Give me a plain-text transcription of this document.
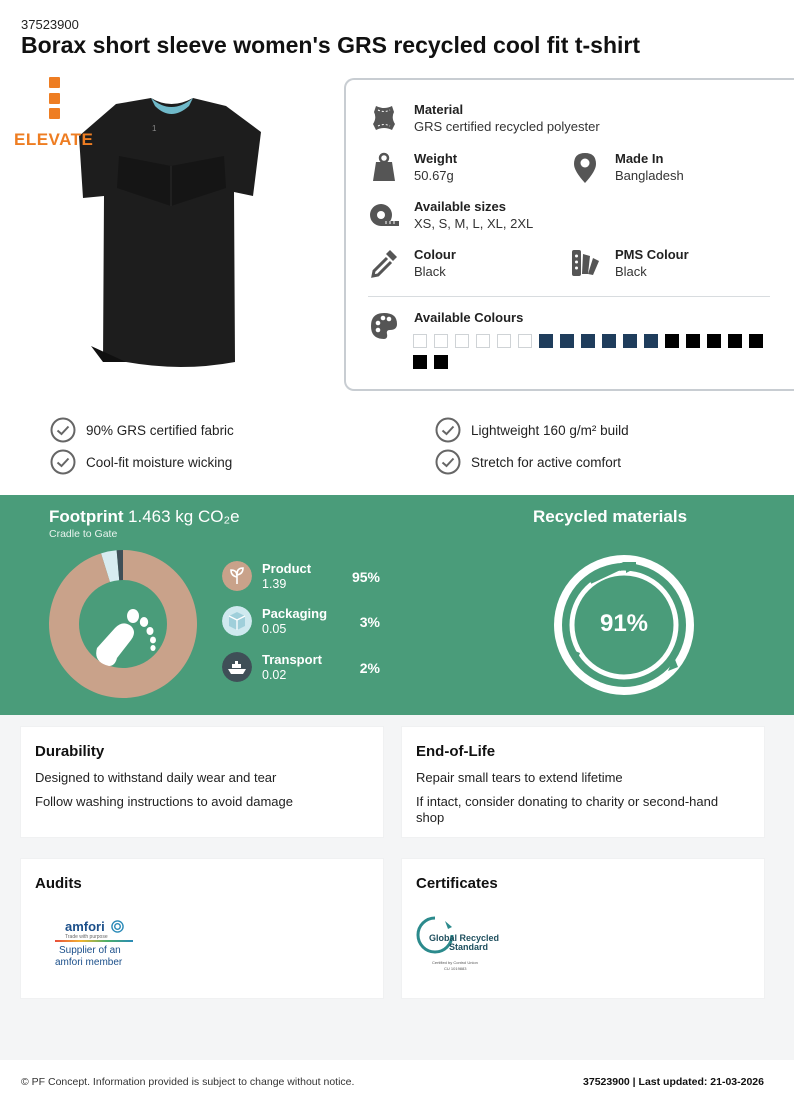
37523900
Borax short sleeve women's GRS recycled cool fit t-shirt
1
ELEVATE
Material
GRS certified recycled polyester
Weight
50.67g
Made In
Bangladesh
Available sizes
XS, S, M, L, XL, 2XL
Colour
Black
PMS Colour
Black
Available Colours
90% GRS certified fabric	Lightweight 160 g/m² build
Cool-fit moisture wicking	Stretch for active comfort
Footprint 1.463 kg CO₂e
Cradle to Gate
Product
1.39	95%
Packaging
0.05	3%
Transport
0.02	2%
Recycled materials
91%
Durability
Designed to withstand daily wear and tear
Follow washing instructions to avoid damage
End-of-Life
Repair small tears to extend lifetime
If intact, consider donating to charity or second-hand shop
Audits
amfori
Trade with purpose
Supplier of an
amfori member
Certificates
Global Recycled
Standard
Certified by Control Union
CU 1019883
© PF Concept. Information provided is subject to change without notice.	37523900 | Last updated: 21-03-2026
